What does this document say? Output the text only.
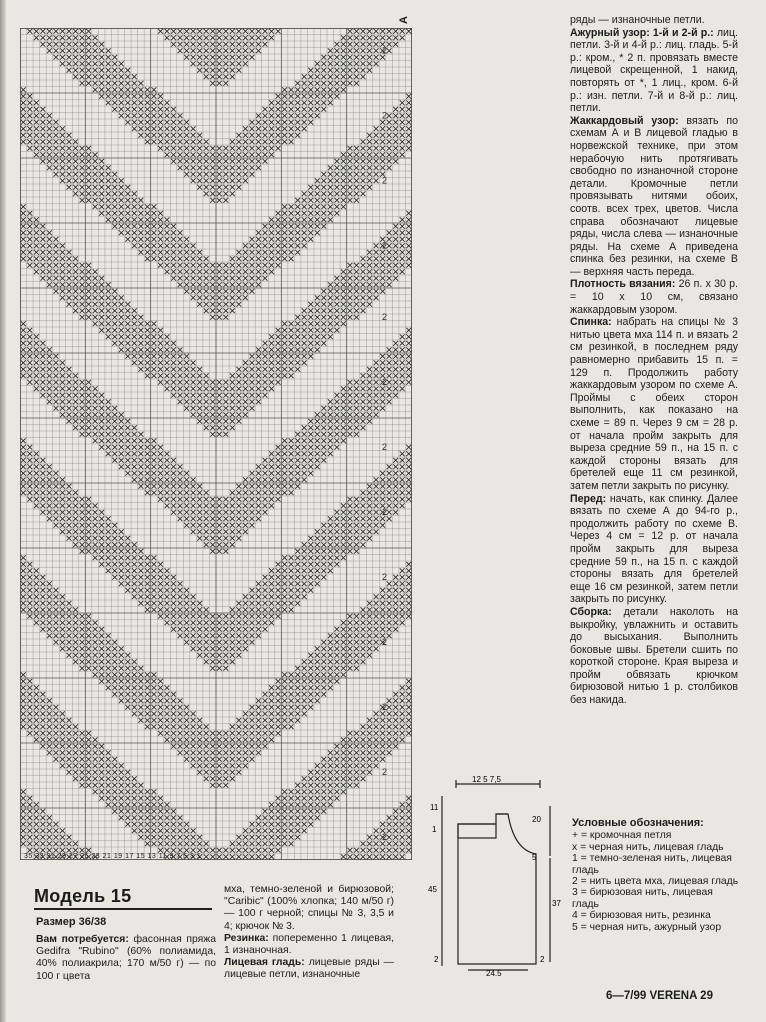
2
2
2
2
2
2
2
2
2
2
2
2
2
35 33 31 29 27 25 23 21 19 17 15 13 11 9 7 5 3 1
A	ряды — изнаночные петли.

Ажурный узор: 1-й и 2-й р.: лиц. петли. 3-й и 4-й р.: лиц. гладь. 5-й р.: кром., * 2 п. провязать вместе лицевой скрещенной, 1 накид, повторять от *, 1 лиц., кром. 6-й р.: изн. петли. 7-й и 8-й р.: лиц. петли.

Жаккардовый узор: вязать по схемам А и В лицевой гладью в норвежской технике, при этом нерабочую нить протягивать свободно по изнаночной стороне детали. Кромочные петли провязывать нитями обоих, соотв. всех трех, цветов. Числа справа обозначают лицевые ряды, числа слева — изнаночные ряды. На схеме А приведена спинка без резинки, на схеме В — верхняя часть переда.

Плотность вязания: 26 п. х 30 р. = 10 х 10 см, связано жаккардовым узором.

Спинка: набрать на спицы № 3 нитью цвета мха 114 п. и вязать 2 см резинкой, в последнем ряду равномерно прибавить 15 п. = 129 п. Продолжить работу жаккардовым узором по схеме А. Проймы с обеих сторон выполнить, как показано на схеме = 89 п. Через 9 см = 28 р. от начала пройм закрыть для выреза средние 59 п., на 15 п. с каждой стороны вязать для бретелей еще 11 см резинкой, затем петли закрыть по рисунку.

Перед: начать, как спинку. Далее вязать по схеме А до 94-го р., продолжить работу по схеме В. Через 4 см = 12 р. от начала пройм закрыть для выреза средние 59 п., на 15 п. с каждой стороны вязать для бретелей еще 16 см резинкой, затем петли закрыть по рисунку.

Сборка: детали наколоть на выкройку, увлажнить и оставить до высыхания. Выполнить боковые швы. Бретели сшить по короткой стороне. Края выреза и пройм обвязать крючком бирюзовой нитью 1 р. столбиков без накида.

Условные обозначения:

+ = кромочная петля

x = черная нить, лицевая гладь

1 = темно-зеленая нить, лицевая гладь

2 = нить цвета мха, лицевая гладь

3 = бирюзовая нить, лицевая гладь

4 = бирюзовая нить, резинка

5 = черная нить, ажурный узор

Модель 15
Размер 36/38

Вам потребуется: фасонная пряжа Gedifra "Rubino" (60% полиамида, 40% полиакрила; 170 м/50 г) — по 100 г цвета

мха, темно-зеленой и бирюзовой; "Caribic" (100% хлопка; 140 м/50 г) — 100 г черной; спицы № 3, 3,5 и 4; крючок № 3.

Резинка: попеременно 1 лицевая, 1 изнаночная.

Лицевая гладь: лицевые ряды — лицевые петли, изнаночные

12 5 7,5
11
1
20
5
45
37
2	2
24,5
6—7/99 VERENA 29
